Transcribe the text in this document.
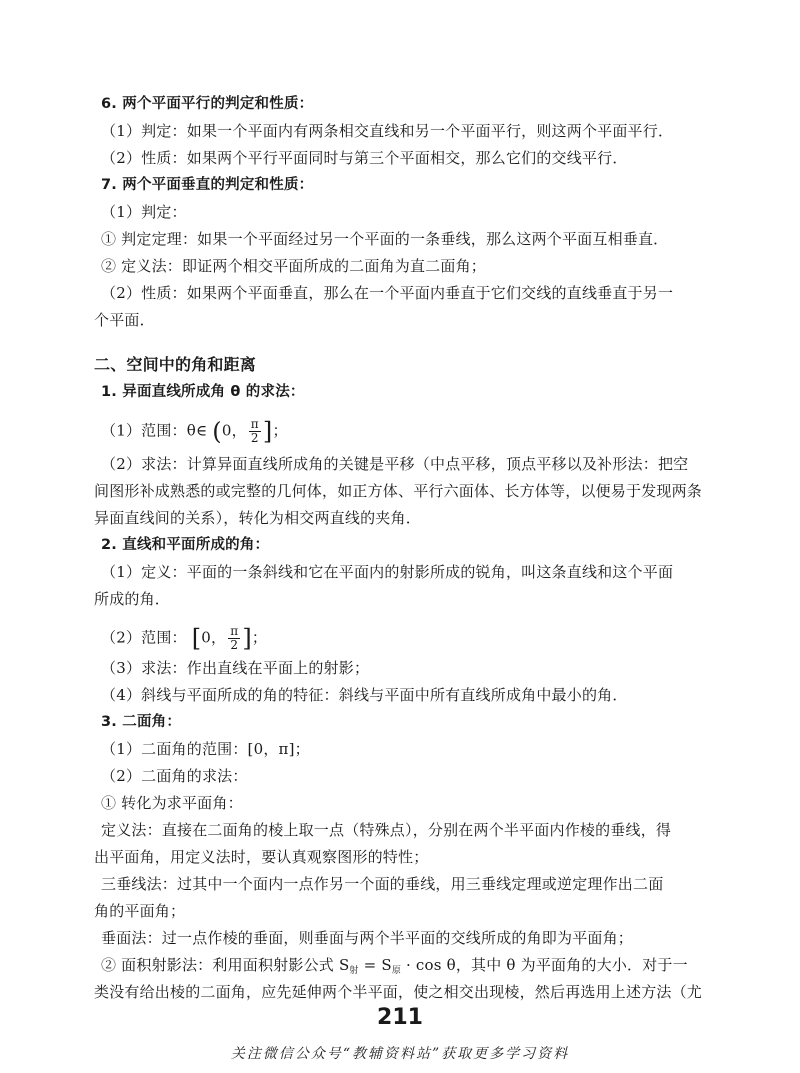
6. 两个平面平行的判定和性质：
（1）判定：如果一个平面内有两条相交直线和另一个平面平行，则这两个平面平行．
（2）性质：如果两个平行平面同时与第三个平面相交，那么它们的交线平行．
7. 两个平面垂直的判定和性质：
（1）判定：
① 判定定理：如果一个平面经过另一个平面的一条垂线，那么这两个平面互相垂直．
② 定义法：即证两个相交平面所成的二面角为直二面角；
（2）性质：如果两个平面垂直，那么在一个平面内垂直于它们交线的直线垂直于另一
个平面．
二、空间中的角和距离
1. 异面直线所成角 θ 的求法：
（1）范围：θ∈ (0， $\frac{\pi}{2}$ ]；
（2）求法：计算异面直线所成角的关键是平移（中点平移，顶点平移以及补形法：把空
间图形补成熟悉的或完整的几何体，如正方体、平行六面体、长方体等，以便易于发现两条
异面直线间的关系），转化为相交两直线的夹角．
2. 直线和平面所成的角：
（1）定义：平面的一条斜线和它在平面内的射影所成的锐角，叫这条直线和这个平面
所成的角．
（2）范围： [0， $\frac{\pi}{2}$ ]；
（3）求法：作出直线在平面上的射影；
（4）斜线与平面所成的角的特征：斜线与平面中所有直线所成角中最小的角．
3. 二面角：
（1）二面角的范围：[0，π]；
（2）二面角的求法：
① 转化为求平面角：
定义法：直接在二面角的棱上取一点（特殊点），分别在两个半平面内作棱的垂线，得
出平面角，用定义法时，要认真观察图形的特性；
三垂线法：过其中一个面内一点作另一个面的垂线，用三垂线定理或逆定理作出二面
角的平面角；
垂面法：过一点作棱的垂面，则垂面与两个半平面的交线所成的角即为平面角；
② 面积射影法：利用面积射影公式 $S_射 = S_原 \cdot \cos \theta$，其中 θ 为平面角的大小．对于一
类没有给出棱的二面角，应先延伸两个半平面，使之相交出现棱，然后再选用上述方法（尤
211
关注微信公众号“教辅资料站”获取更多学习资料
